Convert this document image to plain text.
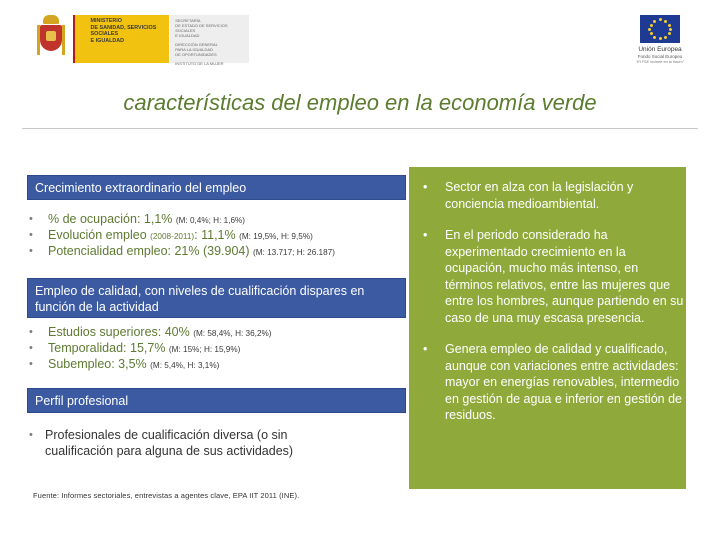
MINISTERIO
DE SANIDAD, SERVICIOS SOCIALES
E IGUALDAD
SECRETARÍA
DE ESTADO DE SERVICIOS SOCIALES
E IGUALDAD
DIRECCIÓN GENERAL
PARA LA IGUALDAD
DE OPORTUNIDADES
INSTITUTO DE LA MUJER
Unión Europea
Fondo Social Europeo
“El FSE invierte en tu futuro”
características del empleo en la economía verde
Crecimiento extraordinario del empleo
• % de ocupación: 1,1% (M: 0,4%; H: 1,6%)
• Evolución empleo (2008-2011): 11,1% (M: 19,5%, H: 9,5%)
• Potencialidad empleo: 21% (39.904) (M: 13.717; H: 26.187)
Empleo de calidad, con niveles de cualificación dispares en función de la actividad
• Estudios superiores: 40% (M: 58,4%, H: 36,2%)
• Temporalidad: 15,7% (M: 15%; H: 15,9%)
• Subempleo: 3,5% (M: 5,4%, H: 3,1%)
Perfil profesional
• Profesionales de cualificación diversa (o sin cualificación para alguna de sus actividades)
Fuente: Informes sectoriales, entrevistas a agentes clave, EPA IIT 2011 (INE).
• Sector en alza con la legislación y conciencia medioambiental.
• En el periodo considerado ha experimentado crecimiento en la ocupación, mucho más intenso, en términos relativos, entre las mujeres que entre los hombres, aunque partiendo en su caso de una muy escasa presencia.
• Genera empleo de calidad y cualificado, aunque con variaciones entre actividades: mayor en energías renovables, intermedio en gestión de agua e inferior en gestión de residuos.
